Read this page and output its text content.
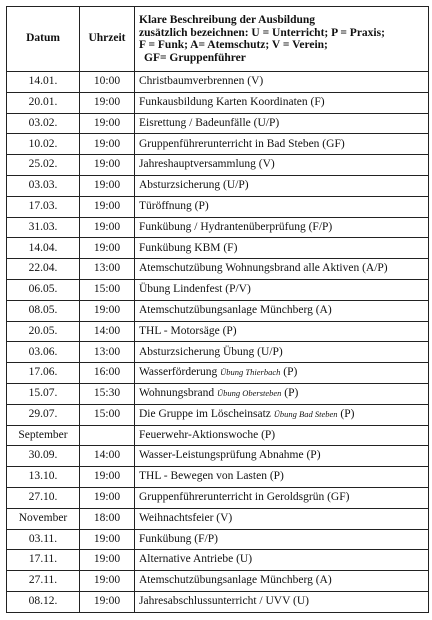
Datum	Uhrzeit	Klare Beschreibung der Ausbildung
zusätzlich bezeichnen: U = Unterricht; P = Praxis;
F = Funk; A= Atemschutz; V = Verein;
GF= Gruppenführer

14.01.	10:00	Christbaumverbrennen (V)
20.01.	19:00	Funkausbildung Karten Koordinaten (F)
03.02.	19:00	Eisrettung / Badeunfälle (U/P)
10.02.	19:00	Gruppenführerunterricht in Bad Steben (GF)
25.02.	19:00	Jahreshauptversammlung (V)
03.03.	19:00	Absturzsicherung (U/P)
17.03.	19:00	Türöffnung (P)
31.03.	19:00	Funkübung / Hydrantenüberprüfung (F/P)
14.04.	19:00	Funkübung KBM (F)
22.04.	13:00	Atemschutzübung Wohnungsbrand alle Aktiven (A/P)
06.05.	15:00	Übung Lindenfest (P/V)
08.05.	19:00	Atemschutzübungsanlage Münchberg (A)
20.05.	14:00	THL - Motorsäge (P)
03.06.	13:00	Absturzsicherung Übung (U/P)
17.06.	16:00	Wasserförderung Übung Thierbach (P)
15.07.	15:30	Wohnungsbrand Übung Obersteben (P)
29.07.	15:00	Die Gruppe im Löscheinsatz Übung Bad Steben (P)
September		Feuerwehr-Aktionswoche (P)
30.09.	14:00	Wasser-Leistungsprüfung Abnahme (P)
13.10.	19:00	THL - Bewegen von Lasten (P)
27.10.	19:00	Gruppenführerunterricht in Geroldsgrün (GF)
November	18:00	Weihnachtsfeier (V)
03.11.	19:00	Funkübung (F/P)
17.11.	19:00	Alternative Antriebe (U)
27.11.	19:00	Atemschutzübungsanlage Münchberg (A)
08.12.	19:00	Jahresabschlussunterricht / UVV (U)
